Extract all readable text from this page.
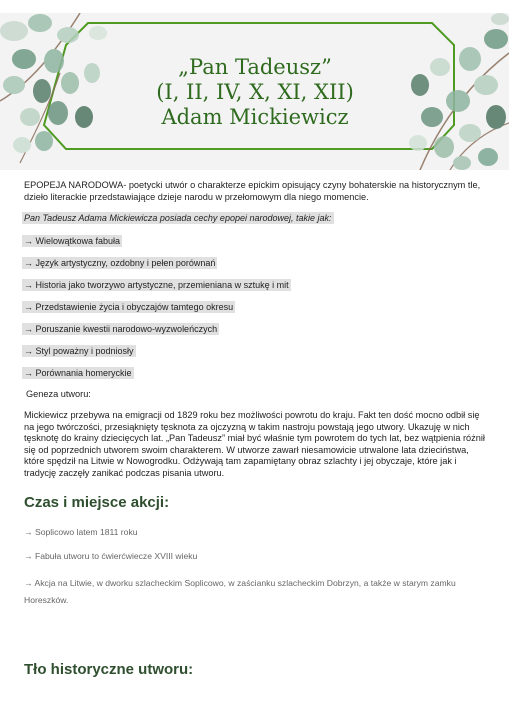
„Pan Tadeusz”
(I, II, IV, X, XI, XII)
Adam Mickiewicz
EPOPEJA NARODOWA- poetycki utwór o charakterze epickim opisujący czyny bohaterskie na historycznym tle, dzieło literackie przedstawiające dzieje narodu w przełomowym dla niego momencie.
Pan Tadeusz Adama Mickiewicza posiada cechy epopei narodowej, takie jak:
→ Wielowątkowa fabuła
→ Język artystyczny, ozdobny i pełen porównań
→ Historia jako tworzywo artystyczne, przemieniana w sztukę i mit
→ Przedstawienie życia i obyczajów tamtego okresu
→ Poruszanie kwestii narodowo-wyzwoleńczych
→ Styl poważny i podniosły
→ Porównania homeryckie
Geneza utworu:
Mickiewicz przebywa na emigracji od 1829 roku bez możliwości powrotu do kraju. Fakt ten dość mocno odbił się na jego twórczości, przesiąknięty tęsknota za ojczyzną w takim nastroju powstają jego utwory. Ukazuję w nich tęsknotę do krainy dziecięcych lat. „Pan Tadeusz” miał być właśnie tym powrotem do tych lat, bez wątpienia różnił się od poprzednich utworem swoim charakterem. W utworze zawarł niesamowicie utrwalone lata dzieciństwa, które spędził na Litwie w Nowogrodku. Odżywają tam zapamiętany obraz szlachty i jej obyczaje, które jak i tradycję zaczęły zanikać podczas pisania utworu.
Czas i miejsce akcji:
→ Soplicowo latem 1811 roku
→ Fabuła utworu to ćwierćwiecze XVIII wieku
→ Akcja na Litwie, w dworku szlacheckim Soplicowo, w zaścianku szlacheckim Dobrzyn, a także w starym zamku Horeszków.
Tło historyczne utworu:
